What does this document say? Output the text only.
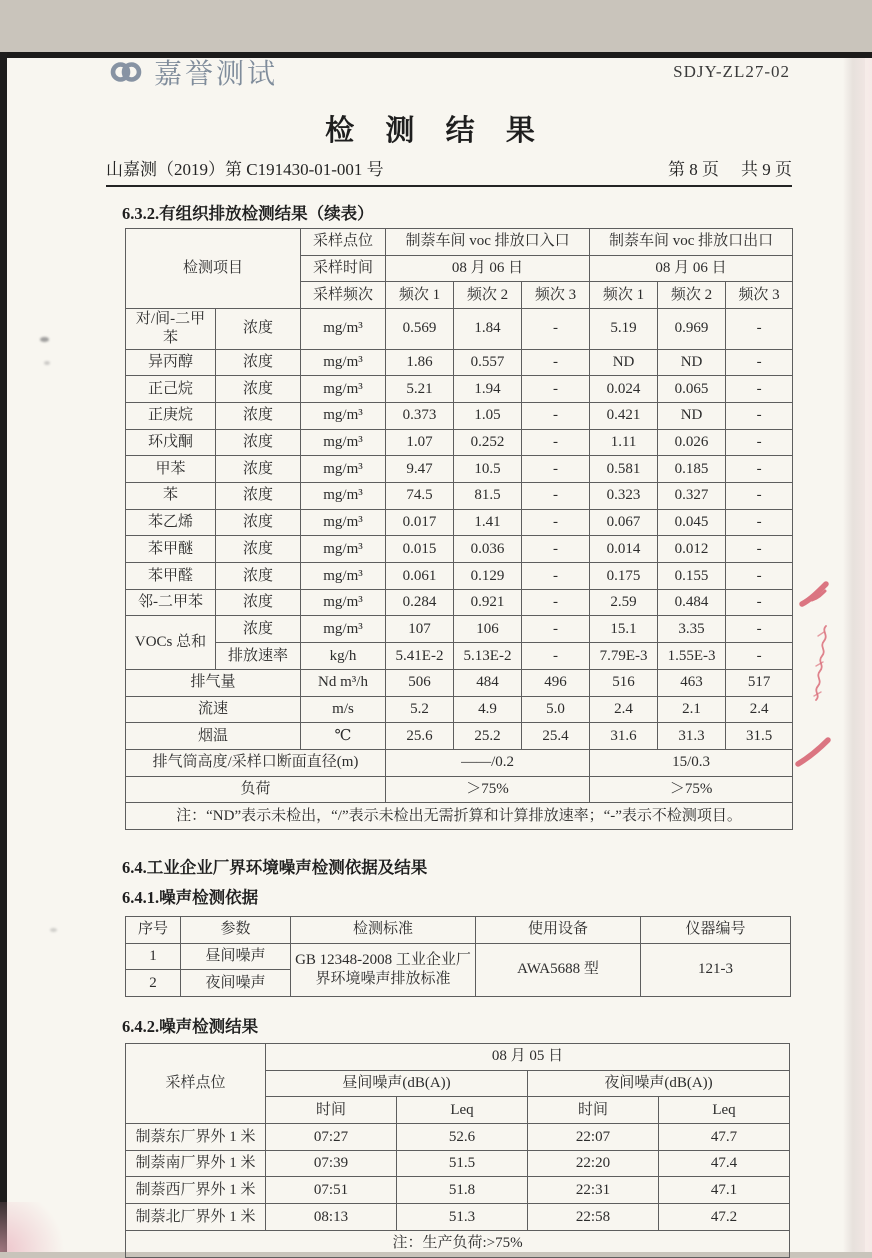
嘉誉测试	SDJY-ZL27-02
检 测 结 果
山嘉测（2019）第 C191430-01-001 号	第 8 页 共 9 页
6.3.2.有组织排放检测结果（续表）
检测项目		采样点位	制萘车间 voc 排放口入口			制萘车间 voc 排放口出口		
		采样时间	08 月 06 日			08 月 06 日		
		采样频次	频次 1	频次 2	频次 3	频次 1	频次 2	频次 3
对/间-二甲苯	浓度	mg/m³	0.569	1.84	-	5.19	0.969	-
异丙醇	浓度	mg/m³	1.86	0.557	-	ND	ND	-
正己烷	浓度	mg/m³	5.21	1.94	-	0.024	0.065	-
正庚烷	浓度	mg/m³	0.373	1.05	-	0.421	ND	-
环戊酮	浓度	mg/m³	1.07	0.252	-	1.11	0.026	-
甲苯	浓度	mg/m³	9.47	10.5	-	0.581	0.185	-
苯	浓度	mg/m³	74.5	81.5	-	0.323	0.327	-
苯乙烯	浓度	mg/m³	0.017	1.41	-	0.067	0.045	-
苯甲醚	浓度	mg/m³	0.015	0.036	-	0.014	0.012	-
苯甲醛	浓度	mg/m³	0.061	0.129	-	0.175	0.155	-
邻-二甲苯	浓度	mg/m³	0.284	0.921	-	2.59	0.484	-
VOCs 总和	浓度	mg/m³	107	106	-	15.1	3.35	-
	排放速率	kg/h	5.41E-2	5.13E-2	-	7.79E-3	1.55E-3	-
排气量		Nd m³/h	506	484	496	516	463	517
流速		m/s	5.2	4.9	5.0	2.4	2.1	2.4
烟温		℃	25.6	25.2	25.4	31.6	31.3	31.5
排气筒高度/采样口断面直径(m)			——/0.2			15/0.3		
负荷			＞75%			＞75%		
注：“ND”表示未检出，“/”表示未检出无需折算和计算排放速率；“-”表示不检测项目。								
6.4.工业企业厂界环境噪声检测依据及结果
6.4.1.噪声检测依据
序号	参数	检测标准	使用设备	仪器编号
1	昼间噪声	GB 12348-2008 工业企业厂界环境噪声排放标准	AWA5688 型	121-3
2	夜间噪声			
6.4.2.噪声检测结果
采样点位	08 月 05 日			
	昼间噪声(dB(A))		夜间噪声(dB(A))	
	时间	Leq	时间	Leq
制萘东厂界外 1 米	07:27	52.6	22:07	47.7
制萘南厂界外 1 米	07:39	51.5	22:20	47.4
制萘西厂界外 1 米	07:51	51.8	22:31	47.1
制萘北厂界外 1 米	08:13	51.3	22:58	47.2
注：生产负荷:>75%				
